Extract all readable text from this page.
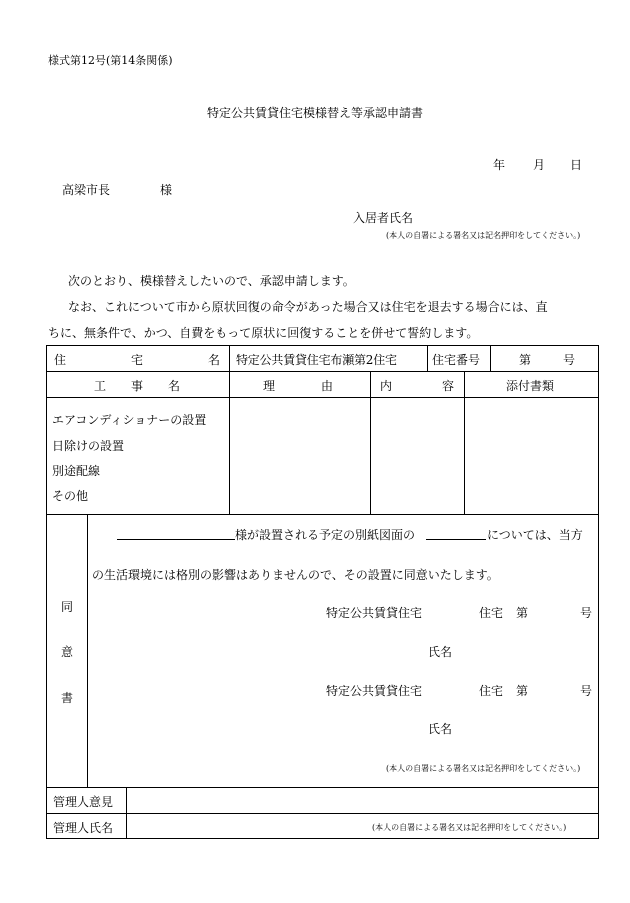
様式第12号(第14条関係)
特定公共賃貸住宅模様替え等承認申請書
年 月 日
高梁市長	様
入居者氏名
(本人の自署による署名又は記名押印をしてください。)
次のとおり、模様替えしたいので、承認申請します。
なお、これについて市から原状回復の命令があった場合又は住宅を退去する場合には、直
ちに、無条件で、かつ、自費をもって原状に回復することを併せて誓約します。
住	宅	名 特定公共賃貸住宅布瀬第2住宅	住宅番号	第	号
工 事 名	理	由	内	容	添付書類
エアコンディショナーの設置
日除けの設置
別途配線
その他
同
意
書
様が設置される予定の別紙図面の	については、当方
の生活環境には格別の影響はありませんので、その設置に同意いたします。
特定公共賃貸住宅	住宅 第	号
氏名
特定公共賃貸住宅	住宅 第	号
氏名
(本人の自署による署名又は記名押印をしてください。)
管理人意見
管理人氏名	(本人の自署による署名又は記名押印をしてください。)
